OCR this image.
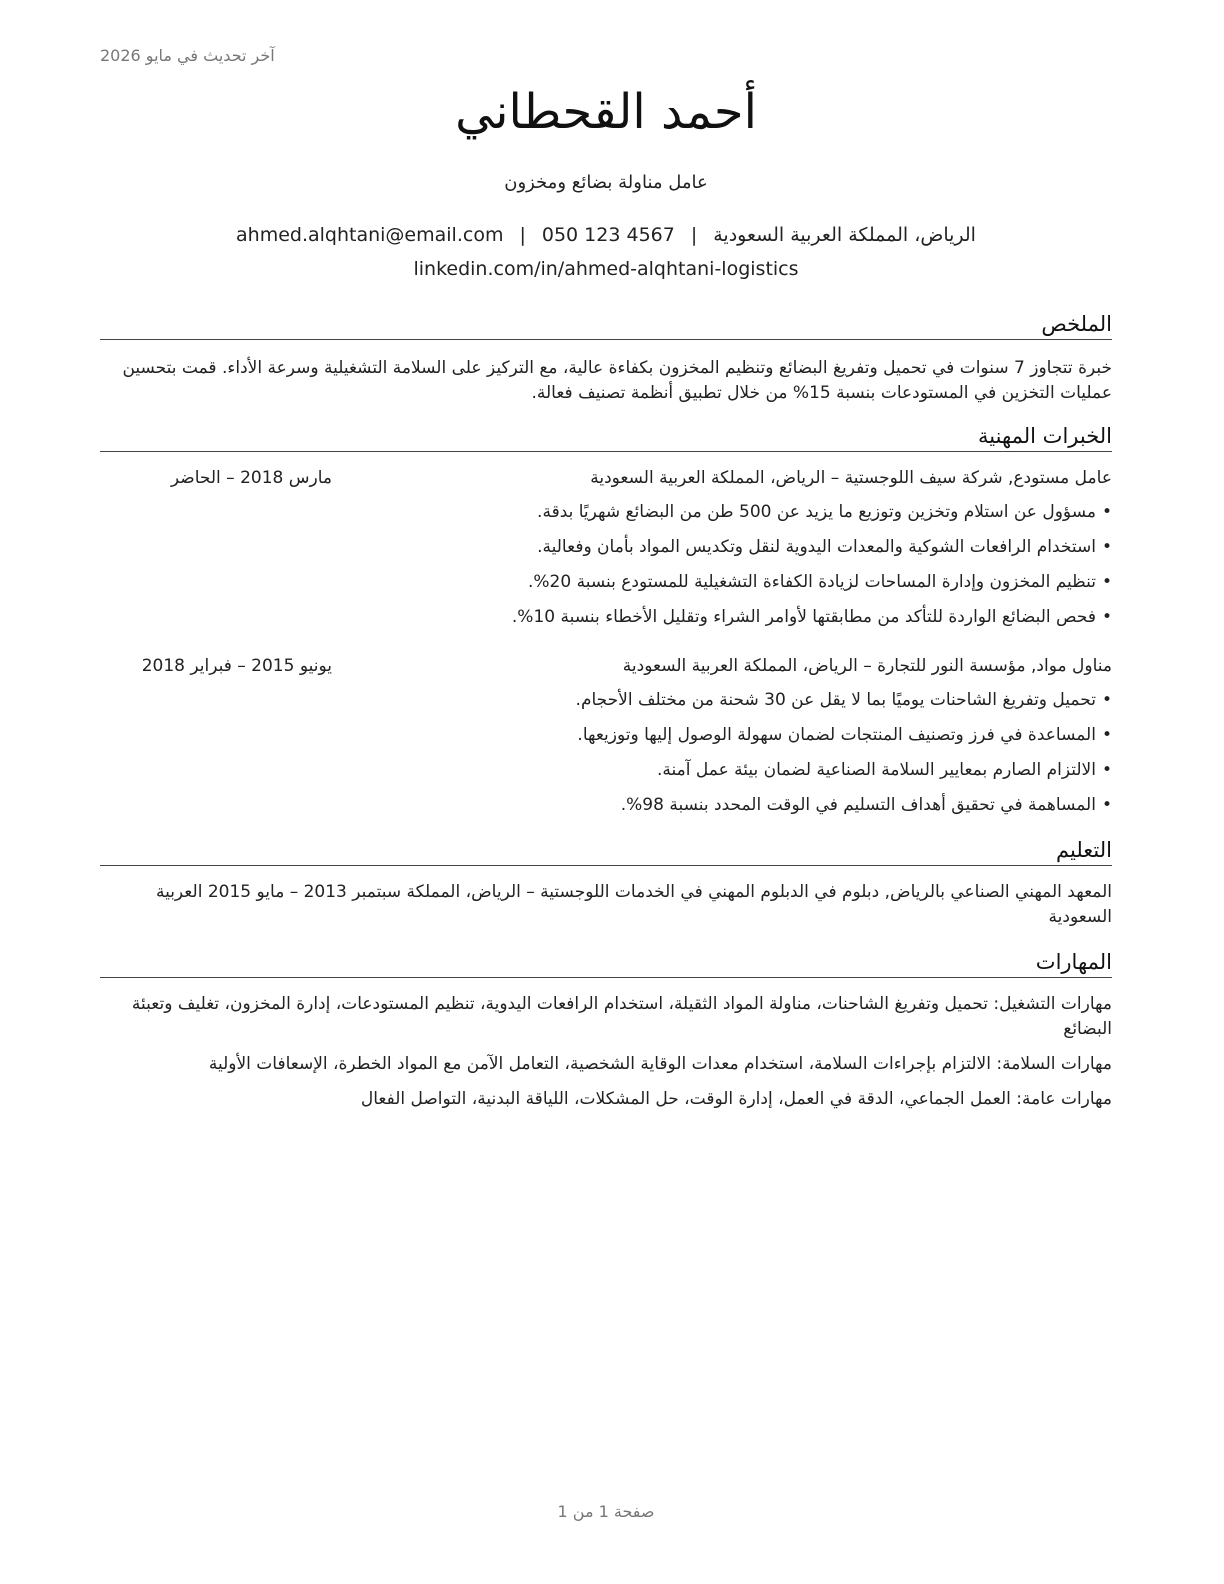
آخر تحديث في مايو 2026
أحمد القحطاني
عامل مناولة بضائع ومخزون
الرياض، المملكة العربية السعودية|ahmed.alqhtani@email.com | 050 123 4567
linkedin.com/in/ahmed-alqhtani-logistics
الملخص
خبرة تتجاوز 7 سنوات في تحميل وتفريغ البضائع وتنظيم المخزون بكفاءة عالية، مع التركيز على السلامة التشغيلية وسرعة الأداء. قمت بتحسين عمليات التخزين في المستودعات بنسبة 15% من خلال تطبيق أنظمة تصنيف فعالة.
الخبرات المهنية
عامل مستودع, شركة سيف اللوجستية – الرياض، المملكة العربية السعودية
مارس 2018 – الحاضر
•مسؤول عن استلام وتخزين وتوزيع ما يزيد عن 500 طن من البضائع شهريًا بدقة.
•استخدام الرافعات الشوكية والمعدات اليدوية لنقل وتكديس المواد بأمان وفعالية.
•تنظيم المخزون وإدارة المساحات لزيادة الكفاءة التشغيلية للمستودع بنسبة 20%.
•فحص البضائع الواردة للتأكد من مطابقتها لأوامر الشراء وتقليل الأخطاء بنسبة 10%.
مناول مواد, مؤسسة النور للتجارة – الرياض، المملكة العربية السعودية
يونيو 2015 – فبراير 2018
•تحميل وتفريغ الشاحنات يوميًا بما لا يقل عن 30 شحنة من مختلف الأحجام.
•المساعدة في فرز وتصنيف المنتجات لضمان سهولة الوصول إليها وتوزيعها.
•الالتزام الصارم بمعايير السلامة الصناعية لضمان بيئة عمل آمنة.
•المساهمة في تحقيق أهداف التسليم في الوقت المحدد بنسبة 98%.
التعليم
المعهد المهني الصناعي بالرياض, دبلوم في الدبلوم المهني في الخدمات اللوجستية – الرياض، المملكة سبتمبر 2013 – مايو 2015 العربية السعودية
المهارات
مهارات التشغيل: تحميل وتفريغ الشاحنات، مناولة المواد الثقيلة، استخدام الرافعات اليدوية، تنظيم المستودعات، إدارة المخزون، تغليف وتعبئة البضائع
مهارات السلامة: الالتزام بإجراءات السلامة، استخدام معدات الوقاية الشخصية، التعامل الآمن مع المواد الخطرة، الإسعافات الأولية
مهارات عامة: العمل الجماعي، الدقة في العمل، إدارة الوقت، حل المشكلات، اللياقة البدنية، التواصل الفعال
صفحة 1 من 1
